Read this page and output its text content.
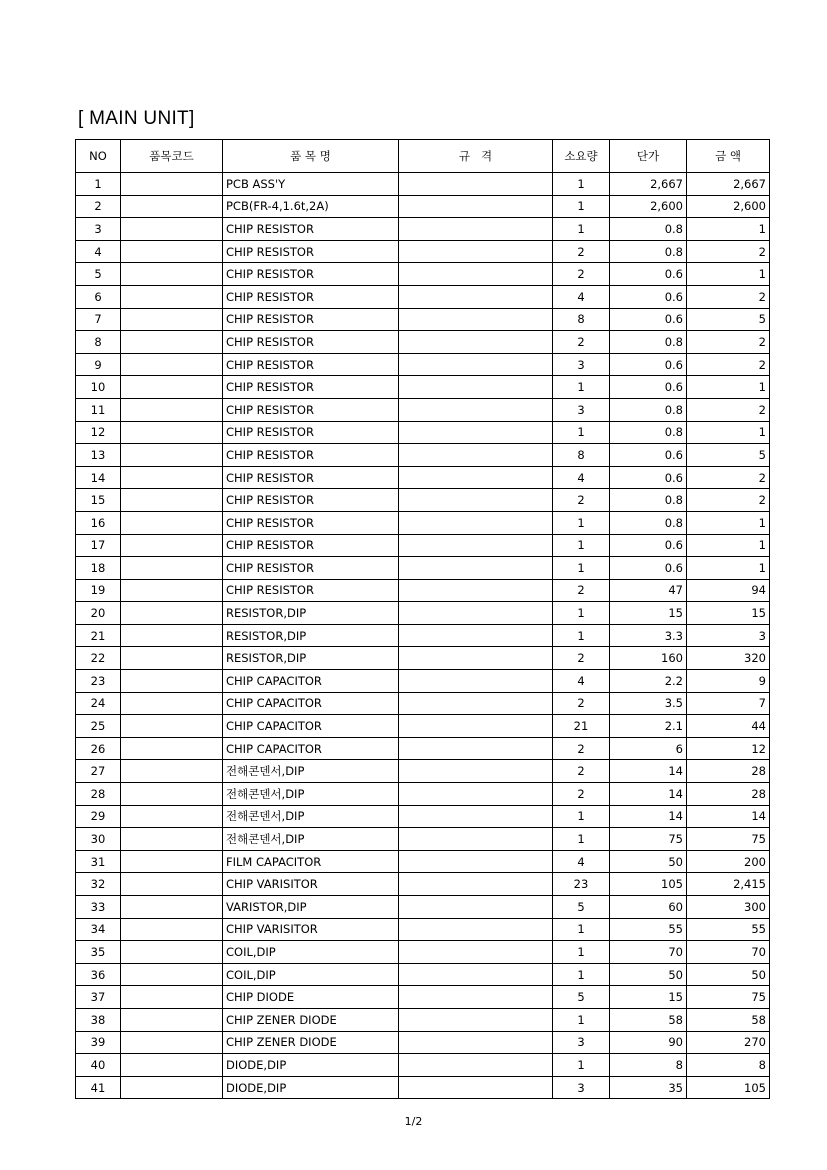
[ MAIN UNIT]
NO	품목코드	품 목 명	규   격	소요량	단가	금 액
1		PCB ASS'Y		1	2,667	2,667
2		PCB(FR-4,1.6t,2A)		1	2,600	2,600
3		CHIP RESISTOR		1	0.8	1
4		CHIP RESISTOR		2	0.8	2
5		CHIP RESISTOR		2	0.6	1
6		CHIP RESISTOR		4	0.6	2
7		CHIP RESISTOR		8	0.6	5
8		CHIP RESISTOR		2	0.8	2
9		CHIP RESISTOR		3	0.6	2
10		CHIP RESISTOR		1	0.6	1
11		CHIP RESISTOR		3	0.8	2
12		CHIP RESISTOR		1	0.8	1
13		CHIP RESISTOR		8	0.6	5
14		CHIP RESISTOR		4	0.6	2
15		CHIP RESISTOR		2	0.8	2
16		CHIP RESISTOR		1	0.8	1
17		CHIP RESISTOR		1	0.6	1
18		CHIP RESISTOR		1	0.6	1
19		CHIP RESISTOR		2	47	94
20		RESISTOR,DIP		1	15	15
21		RESISTOR,DIP		1	3.3	3
22		RESISTOR,DIP		2	160	320
23		CHIP CAPACITOR		4	2.2	9
24		CHIP CAPACITOR		2	3.5	7
25		CHIP CAPACITOR		21	2.1	44
26		CHIP CAPACITOR		2	6	12
27		전해콘덴서,DIP		2	14	28
28		전해콘덴서,DIP		2	14	28
29		전해콘덴서,DIP		1	14	14
30		전해콘덴서,DIP		1	75	75
31		FILM CAPACITOR		4	50	200
32		CHIP VARISITOR		23	105	2,415
33		VARISTOR,DIP		5	60	300
34		CHIP VARISITOR		1	55	55
35		COIL,DIP		1	70	70
36		COIL,DIP		1	50	50
37		CHIP DIODE		5	15	75
38		CHIP ZENER DIODE		1	58	58
39		CHIP ZENER DIODE		3	90	270
40		DIODE,DIP		1	8	8
41		DIODE,DIP		3	35	105
1/2
